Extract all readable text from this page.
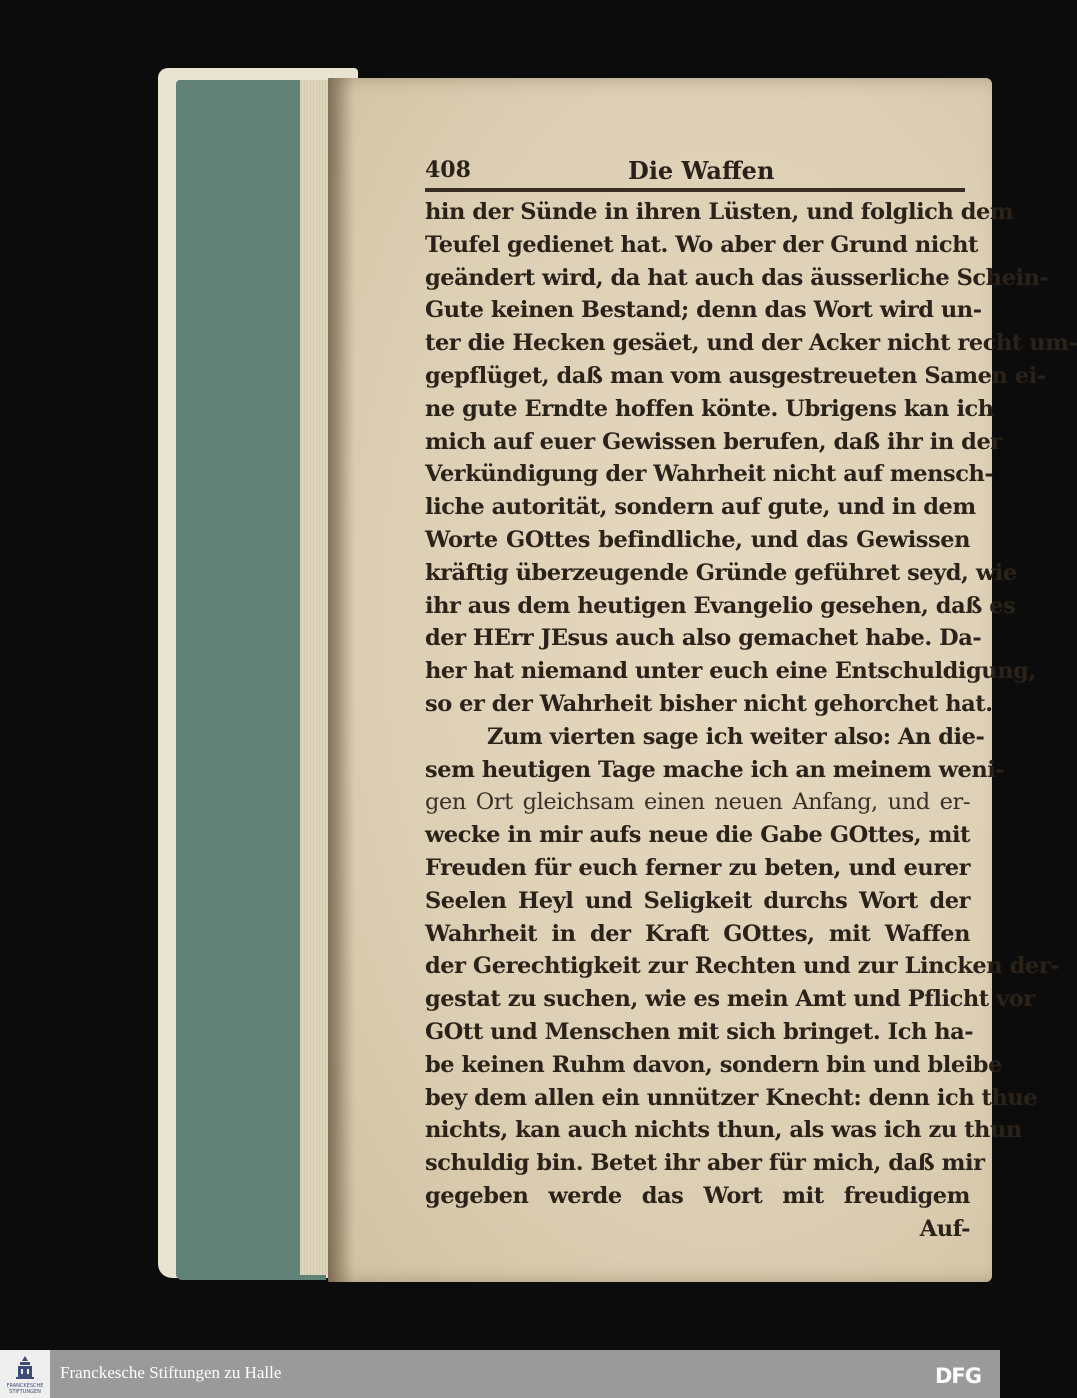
408	Die Waffen
hin der Sünde in ihren Lüsten, und folglich dem
Teufel gedienet hat. Wo aber der Grund nicht
geändert wird, da hat auch das äusserliche Schein-
Gute keinen Bestand; denn das Wort wird un-
ter die Hecken gesäet, und der Acker nicht recht um-
gepflüget, daß man vom ausgestreueten Samen ei-
ne gute Erndte hoffen könte. Ubrigens kan ich
mich auf euer Gewissen berufen, daß ihr in der
Verkündigung der Wahrheit nicht auf mensch-
liche autorität, sondern auf gute, und in dem
Worte GOttes befindliche, und das Gewissen
kräftig überzeugende Gründe geführet seyd, wie
ihr aus dem heutigen Evangelio gesehen, daß es
der HErr JEsus auch also gemachet habe. Da-
her hat niemand unter euch eine Entschuldigung,
so er der Wahrheit bisher nicht gehorchet hat.
Zum vierten sage ich weiter also: An die-
sem heutigen Tage mache ich an meinem weni-
gen Ort gleichsam einen neuen Anfang, und er-
wecke in mir aufs neue die Gabe GOttes, mit
Freuden für euch ferner zu beten, und eurer
Seelen Heyl und Seligkeit durchs Wort der
Wahrheit in der Kraft GOttes, mit Waffen
der Gerechtigkeit zur Rechten und zur Lincken der-
gestat zu suchen, wie es mein Amt und Pflicht vor
GOtt und Menschen mit sich bringet. Ich ha-
be keinen Ruhm davon, sondern bin und bleibe
bey dem allen ein unnützer Knecht: denn ich thue
nichts, kan auch nichts thun, als was ich zu thun
schuldig bin. Betet ihr aber für mich, daß mir
gegeben werde das Wort mit freudigem
Auf-
FRANCKESCHE STIFTUNGEN
Franckesche Stiftungen zu Halle	DFG
